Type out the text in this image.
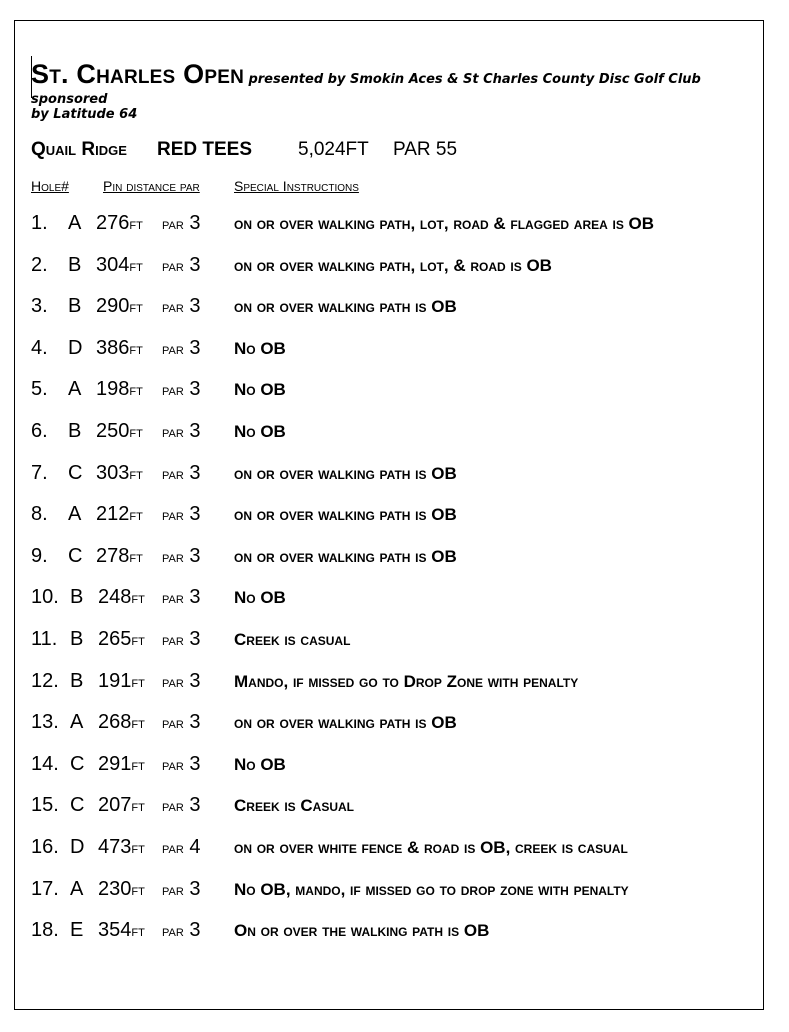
St. Charles Open presented by Smokin Aces & St Charles County Disc Golf Club sponsored
by Latitude 64
Quail Ridge RED TEES 5,024FT PAR 55
Hole# Pin distance par Special Instructions
1. A 276ft par 3 on or over walking path, lot, road & flagged area is OB
2. B 304ft par 3 on or over walking path, lot, & road is OB
3. B 290ft par 3 on or over walking path is OB
4. D 386ft par 3 No OB
5. A 198ft par 3 No OB
6. B 250ft par 3 No OB
7. C 303ft par 3 on or over walking path is OB
8. A 212ft par 3 on or over walking path is OB
9. C 278ft par 3 on or over walking path is OB
10. B 248ft par 3 No OB
11. B 265ft par 3 Creek is casual
12. B 191ft par 3 Mando, if missed go to Drop Zone with penalty
13. A 268ft par 3 on or over walking path is OB
14. C 291ft par 3 No OB
15. C 207ft par 3 Creek is Casual
16. D 473ft par 4 on or over white fence & road is OB, creek is casual
17. A 230ft par 3 No OB, mando, if missed go to drop zone with penalty
18. E 354ft par 3 On or over the walking path is OB
